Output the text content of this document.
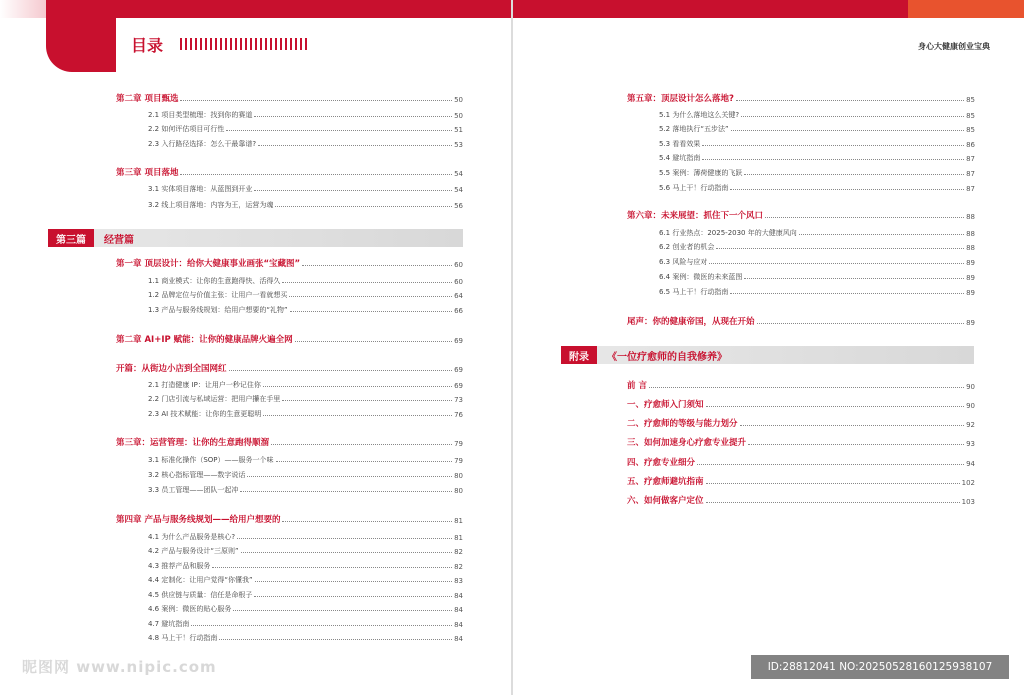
目录
第二章 项目甄选	50
2.1 项目类型梳理：找到你的赛道	50
2.2 如何评估项目可行性	51
2.3 入行路径选择：怎么干最靠谱?	53
第三章 项目落地	54
3.1 实体项目落地：从蓝图到开业	54
3.2 线上项目落地：内容为王，运营为魂	56
第一章 顶层设计：给你大健康事业画张“宝藏图”	60
1.1 商业模式：让你的生意跑得快、活得久	60
1.2 品牌定位与价值主张：让用户一看就想买	64
1.3 产品与服务线规划：给用户想要的“礼物”	66
第二章 AI+IP 赋能：让你的健康品牌火遍全网	69
开篇：从街边小店到全国网红	69
2.1 打造健康 IP：让用户一秒记住你	69
2.2 门店引流与私域运营：把用户攥在手里	73
2.3 AI 技术赋能：让你的生意更聪明	76
第三章：运营管理：让你的生意跑得顺溜	79
3.1 标准化操作（SOP）——服务一个味	79
3.2 核心指标管理——数字说话	80
3.3 员工管理——团队一起冲	80
第四章 产品与服务线规划——给用户想要的	81
4.1 为什么产品服务是核心?	81
4.2 产品与服务设计“三原则”	82
4.3 推荐产品和服务	82
4.4 定制化：让用户觉得“你懂我”	83
4.5 供应链与质量：信任是命根子	84
4.6 案例：微医的贴心服务	84
4.7 避坑指南	84
4.8 马上干！行动指南	84
第三篇	经营篇
昵图网 www.nipic.com
身心大健康创业宝典
第五章：顶层设计怎么落地?	85
5.1 为什么落地这么关键?	85
5.2 落地执行“五步法”	85
5.3 看看效果	86
5.4 避坑指南	87
5.5 案例：薄荷健康的飞跃	87
5.6 马上干！行动指南	87
第六章：未来展望：抓住下一个风口	88
6.1 行业热点：2025-2030 年的大健康风向	88
6.2 创业者的机会	88
6.3 风险与应对	89
6.4 案例：微医的未来蓝图	89
6.5 马上干！行动指南	89
尾声：你的健康帝国，从现在开始	89
前 言	90
一、疗愈师入门须知	90
二、疗愈师的等级与能力划分	92
三、如何加速身心疗愈专业提升	93
四、疗愈专业细分	94
五、疗愈师避坑指南	102
六、如何做客户定位	103
附录	《一位疗愈师的自我修养》
ID:28812041 NO:20250528160125938107
